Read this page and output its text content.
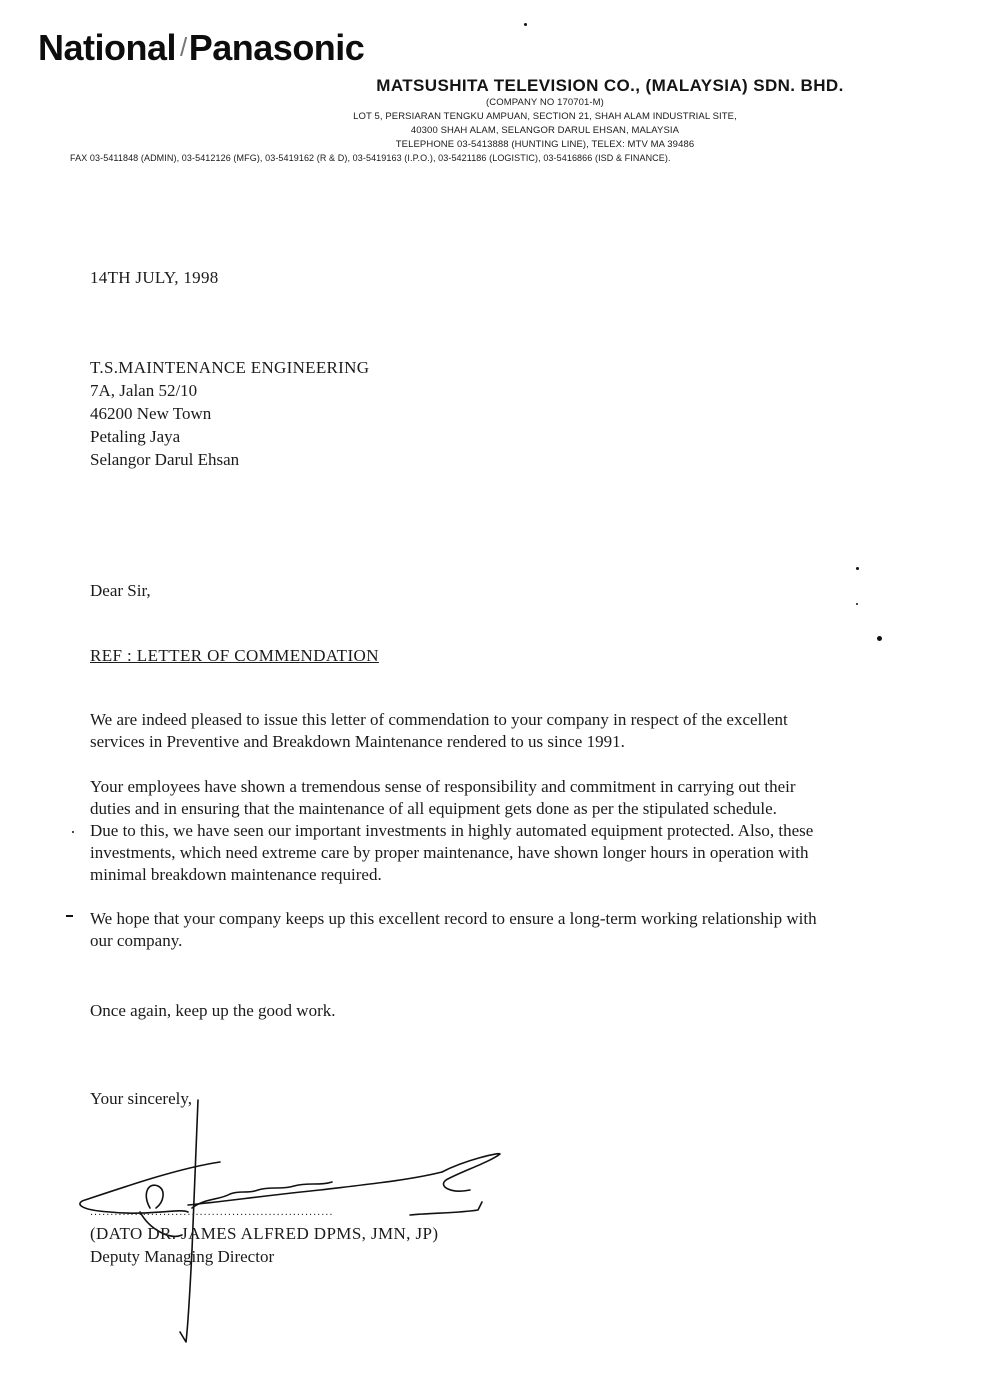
National /Panasonic
MATSUSHITA TELEVISION CO., (MALAYSIA) SDN. BHD.
(COMPANY NO 170701-M)
LOT 5, PERSIARAN TENGKU AMPUAN, SECTION 21, SHAH ALAM INDUSTRIAL SITE,
40300 SHAH ALAM, SELANGOR DARUL EHSAN, MALAYSIA
TELEPHONE 03-5413888 (HUNTING LINE), TELEX: MTV MA 39486
FAX 03-5411848 (ADMIN), 03-5412126 (MFG), 03-5419162 (R & D), 03-5419163 (I.P.O.), 03-5421186 (LOGISTIC), 03-5416866 (ISD & FINANCE).
14TH JULY, 1998
T.S.MAINTENANCE ENGINEERING
7A, Jalan 52/10
46200 New Town
Petaling Jaya
Selangor Darul Ehsan
Dear Sir,
REF : LETTER OF COMMENDATION
We are indeed pleased to issue this letter of commendation to your company in respect of the excellent
services in Preventive and Breakdown Maintenance rendered to us since 1991.
Your employees have shown a tremendous sense of responsibility and commitment in carrying out their
duties and in ensuring that the maintenance of all equipment gets done as per the stipulated schedule.
Due to this, we have seen our important investments in highly automated equipment protected. Also, these
investments, which need extreme care by proper maintenance, have shown longer hours in operation with
minimal breakdown maintenance required.
We hope that your company keeps up this excellent record to ensure a long-term working relationship with
our company.
Once again, keep up the good work.
Your sincerely,
............................................................
(DATO DR. JAMES ALFRED DPMS, JMN, JP)
Deputy Managing Director
